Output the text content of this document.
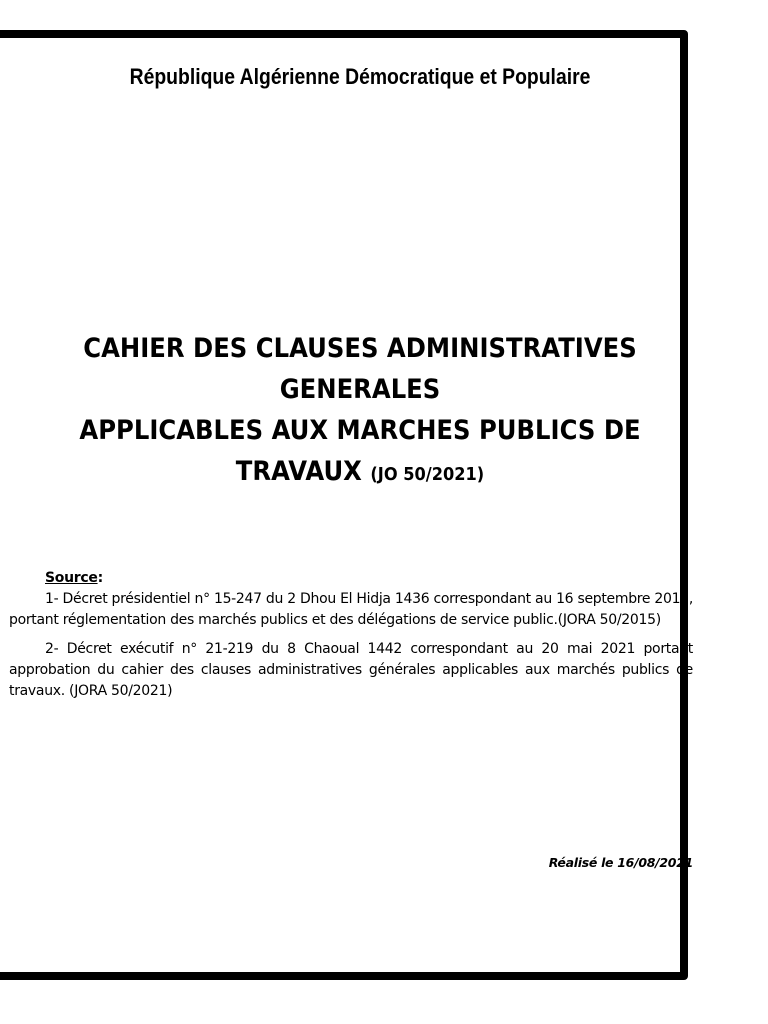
République Algérienne Démocratique et Populaire
CAHIER DES CLAUSES ADMINISTRATIVES
GENERALES
APPLICABLES AUX MARCHES PUBLICS DE
TRAVAUX (JO 50/2021)
Source:

1- Décret présidentiel n° 15-247 du 2 Dhou El Hidja 1436 correspondant au 16 septembre 2015, portant réglementation des marchés publics et des délégations de service public.(JORA 50/2015)

2- Décret exécutif n° 21-219 du 8 Chaoual 1442 correspondant au 20 mai 2021 portant approbation du cahier des clauses administratives générales applicables aux marchés publics de travaux. (JORA 50/2021)

Réalisé le 16/08/2021
